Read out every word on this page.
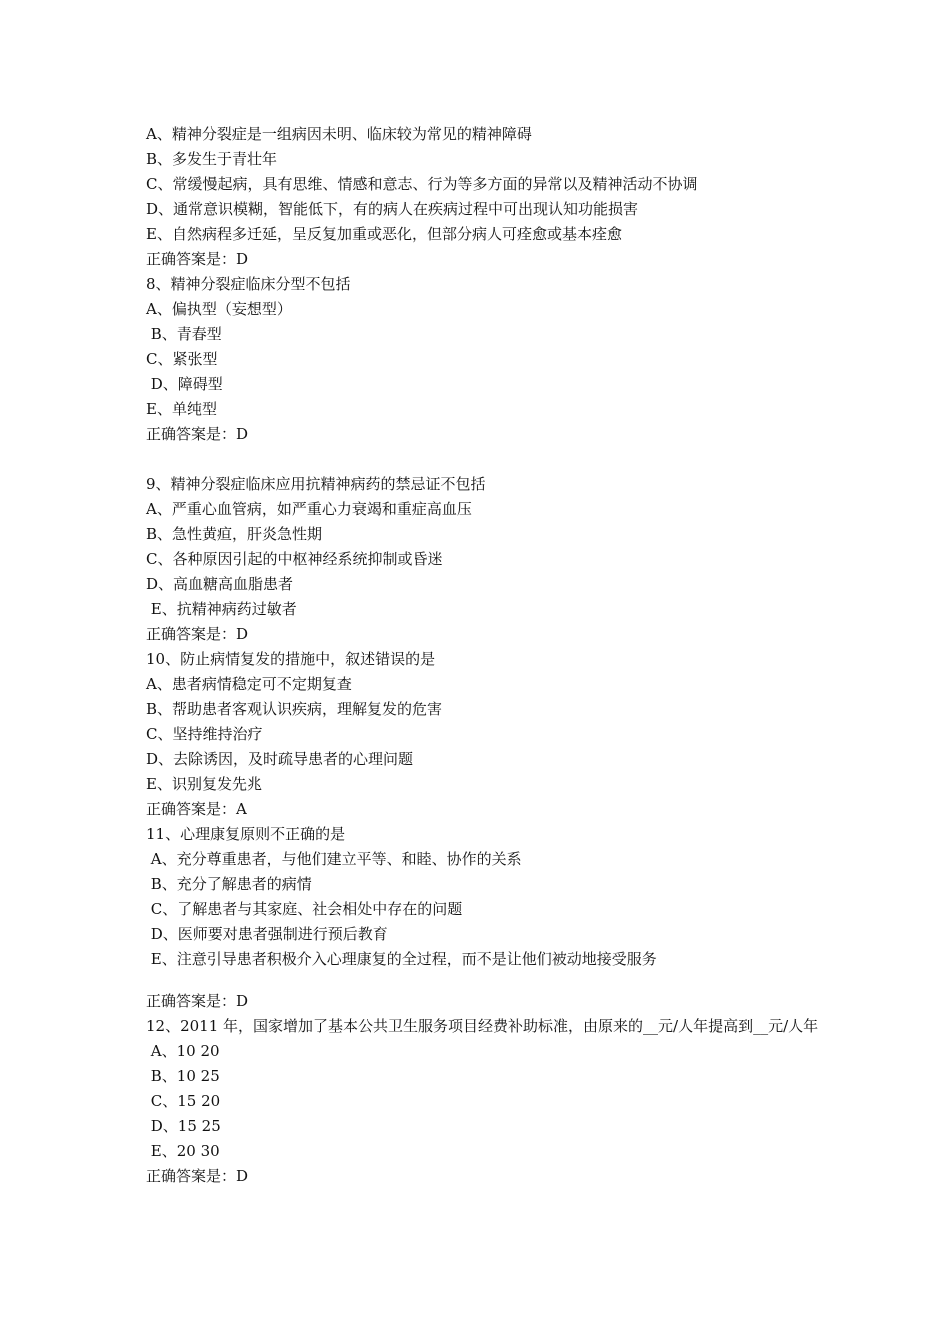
A、精神分裂症是一组病因未明、临床较为常见的精神障碍
B、多发生于青壮年
C、常缓慢起病，具有思维、情感和意志、行为等多方面的异常以及精神活动不协调
D、通常意识模糊，智能低下，有的病人在疾病过程中可出现认知功能损害
E、自然病程多迁延，呈反复加重或恶化，但部分病人可痊愈或基本痊愈
正确答案是：D
8、精神分裂症临床分型不包括
A、偏执型（妄想型）
B、青春型
C、紧张型
D、障碍型
E、单纯型
正确答案是：D
9、精神分裂症临床应用抗精神病药的禁忌证不包括
A、严重心血管病，如严重心力衰竭和重症高血压
B、急性黄疸，肝炎急性期
C、各种原因引起的中枢神经系统抑制或昏迷
D、高血糖高血脂患者
E、抗精神病药过敏者
正确答案是：D
10、防止病情复发的措施中，叙述错误的是
A、患者病情稳定可不定期复查
B、帮助患者客观认识疾病，理解复发的危害
C、坚持维持治疗
D、去除诱因，及时疏导患者的心理问题
E、识别复发先兆
正确答案是：A
11、心理康复原则不正确的是
A、充分尊重患者，与他们建立平等、和睦、协作的关系
B、充分了解患者的病情
C、了解患者与其家庭、社会相处中存在的问题
D、医师要对患者强制进行预后教育
E、注意引导患者积极介入心理康复的全过程，而不是让他们被动地接受服务
正确答案是：D
12、2011 年，国家增加了基本公共卫生服务项目经费补助标准，由原来的__元/人年提高到__元/人年
A、10 20
B、10 25
C、15 20
D、15 25
E、20 30
正确答案是：D
